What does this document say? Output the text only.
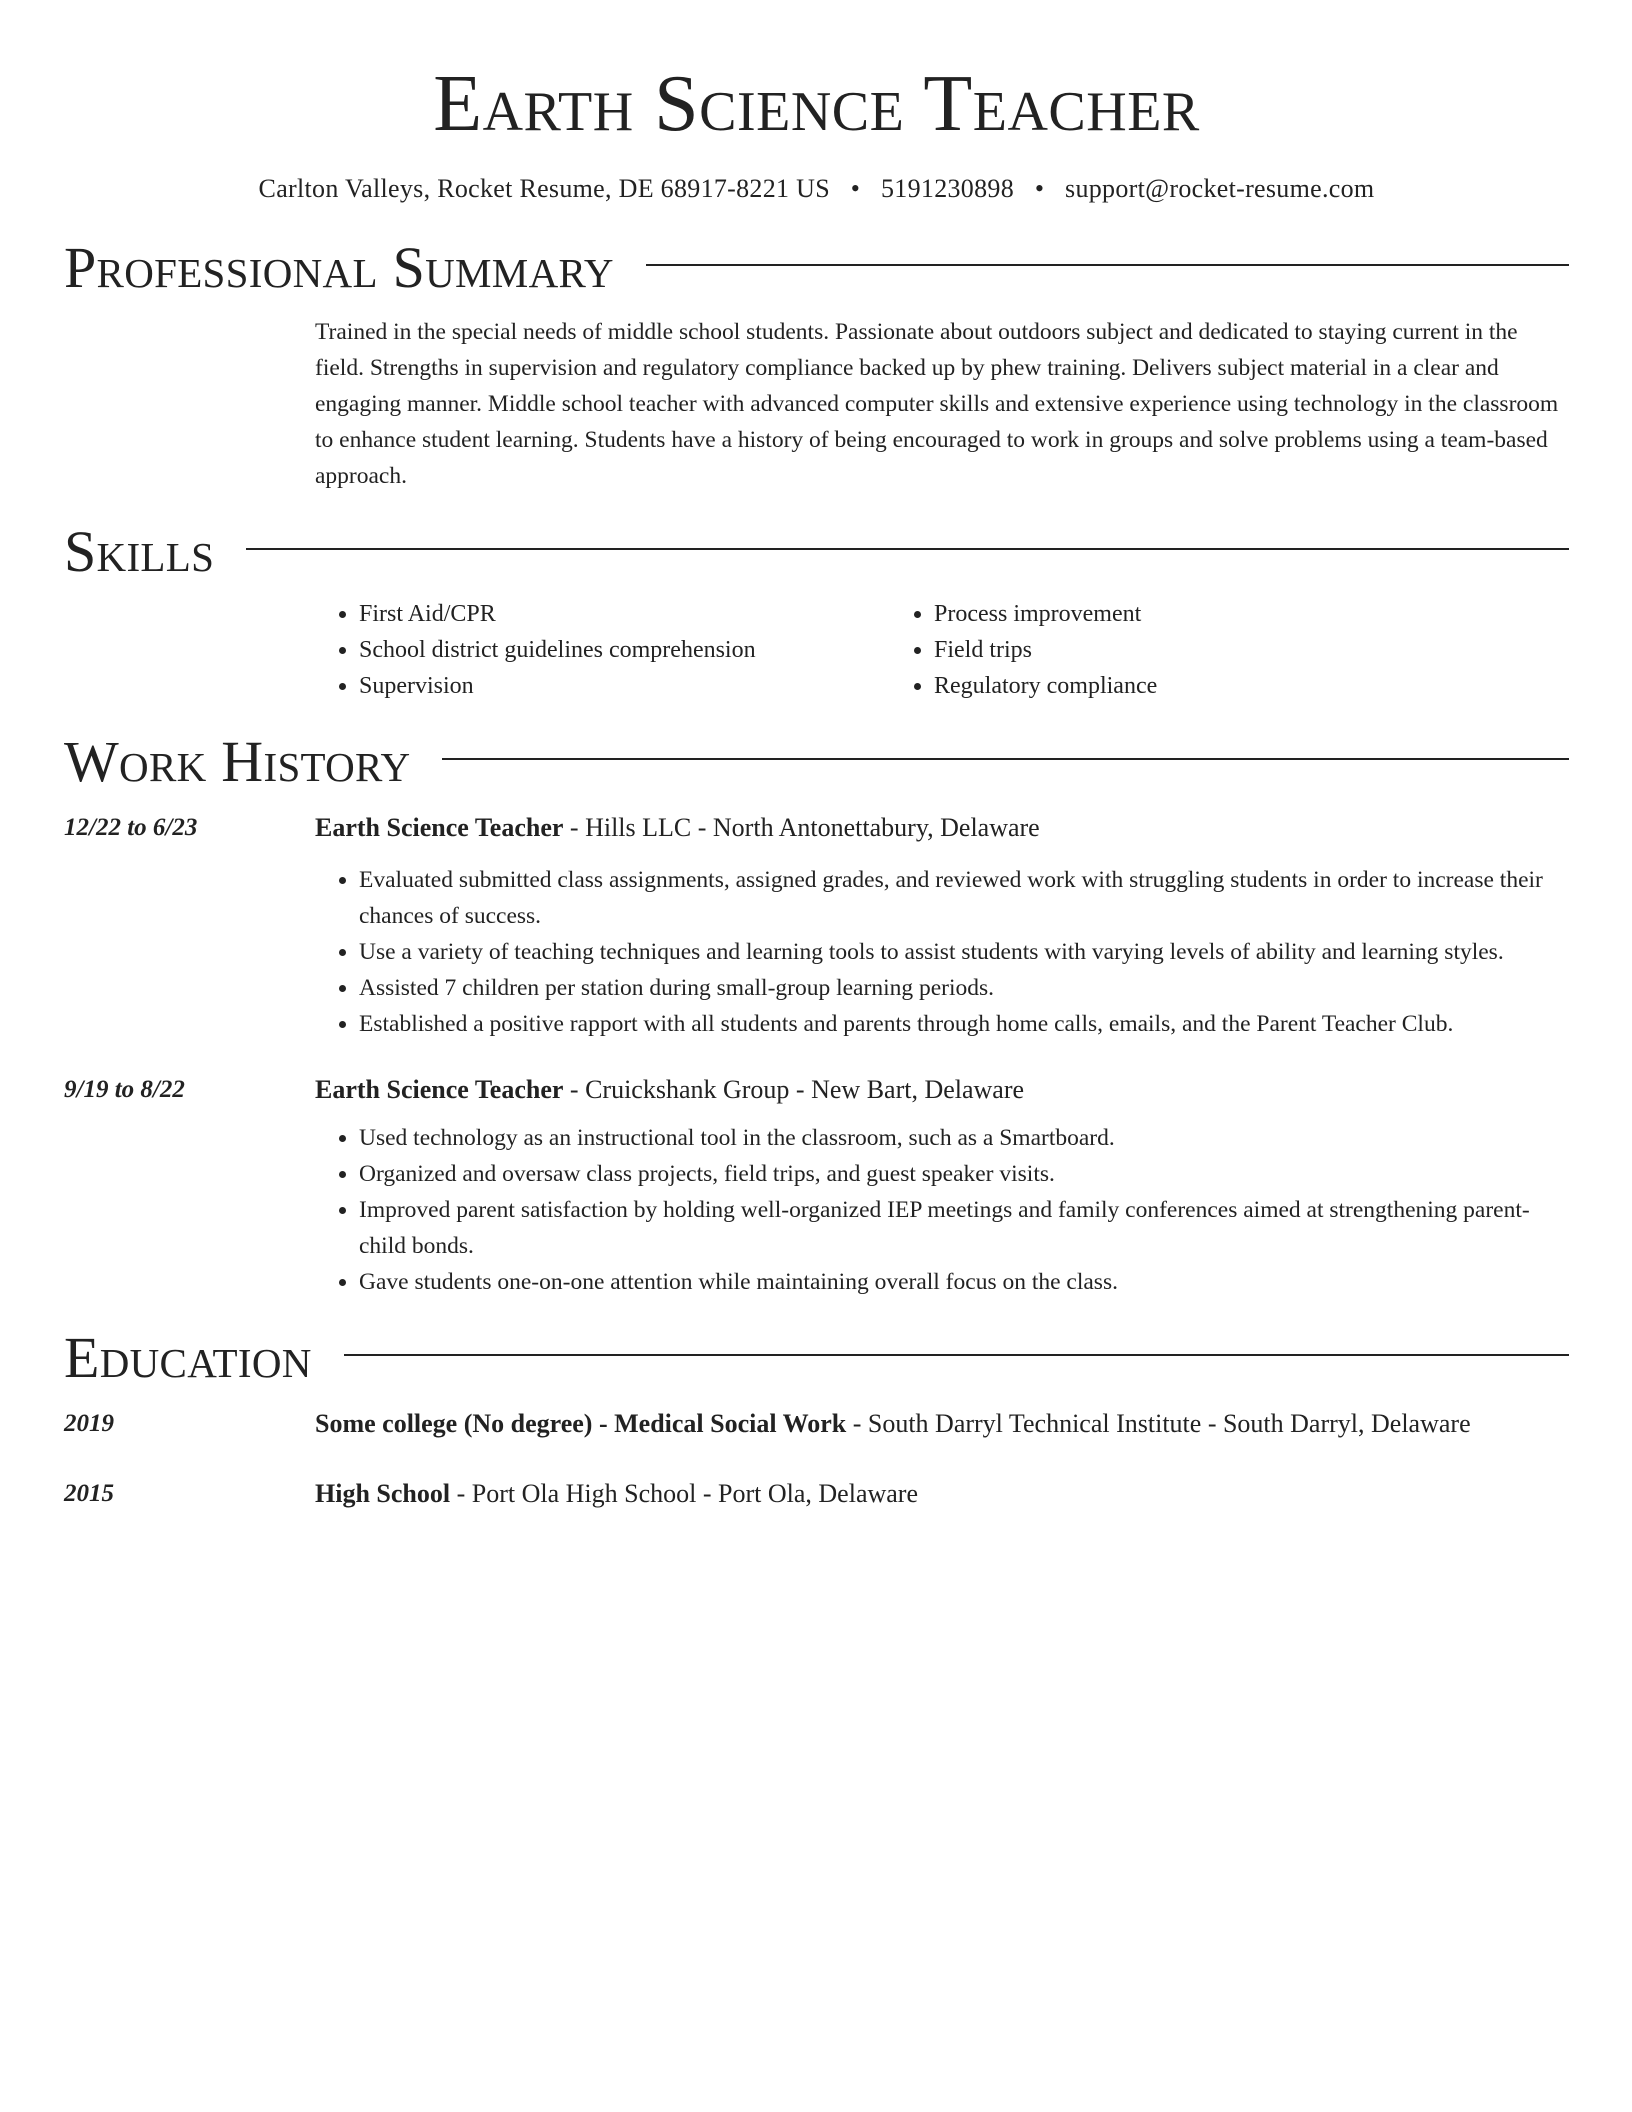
Earth Science Teacher
Carlton Valleys, Rocket Resume, DE 68917-8221 US • 5191230898 • support@rocket-resume.com
Professional Summary
Trained in the special needs of middle school students. Passionate about outdoors subject and dedicated to staying current in the field. Strengths in supervision and regulatory compliance backed up by phew training. Delivers subject material in a clear and engaging manner. Middle school teacher with advanced computer skills and extensive experience using technology in the classroom to enhance student learning. Students have a history of being encouraged to work in groups and solve problems using a team-based approach.
Skills
• First Aid/CPR
• School district guidelines comprehension
• Supervision
• Process improvement
• Field trips
• Regulatory compliance
Work History
12/22 to 6/23	Earth Science Teacher - Hills LLC - North Antonettabury, Delaware
• Evaluated submitted class assignments, assigned grades, and reviewed work with struggling students in order to increase their chances of success.
• Use a variety of teaching techniques and learning tools to assist students with varying levels of ability and learning styles.
• Assisted 7 children per station during small-group learning periods.
• Established a positive rapport with all students and parents through home calls, emails, and the Parent Teacher Club.
9/19 to 8/22	Earth Science Teacher - Cruickshank Group - New Bart, Delaware
• Used technology as an instructional tool in the classroom, such as a Smartboard.
• Organized and oversaw class projects, field trips, and guest speaker visits.
• Improved parent satisfaction by holding well-organized IEP meetings and family conferences aimed at strengthening parent-child bonds.
• Gave students one-on-one attention while maintaining overall focus on the class.
Education
2019	Some college (No degree) - Medical Social Work - South Darryl Technical Institute - South Darryl, Delaware
2015	High School - Port Ola High School - Port Ola, Delaware
